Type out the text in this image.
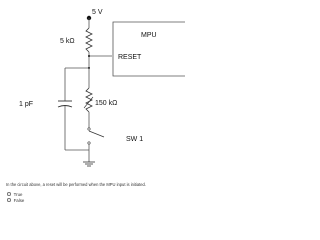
5 V
5 kΩ
MPU
RESET
1 pF	150 kΩ
SW 1
In the circuit above, a reset will be performed when the MPU input is initiated.
True
False
